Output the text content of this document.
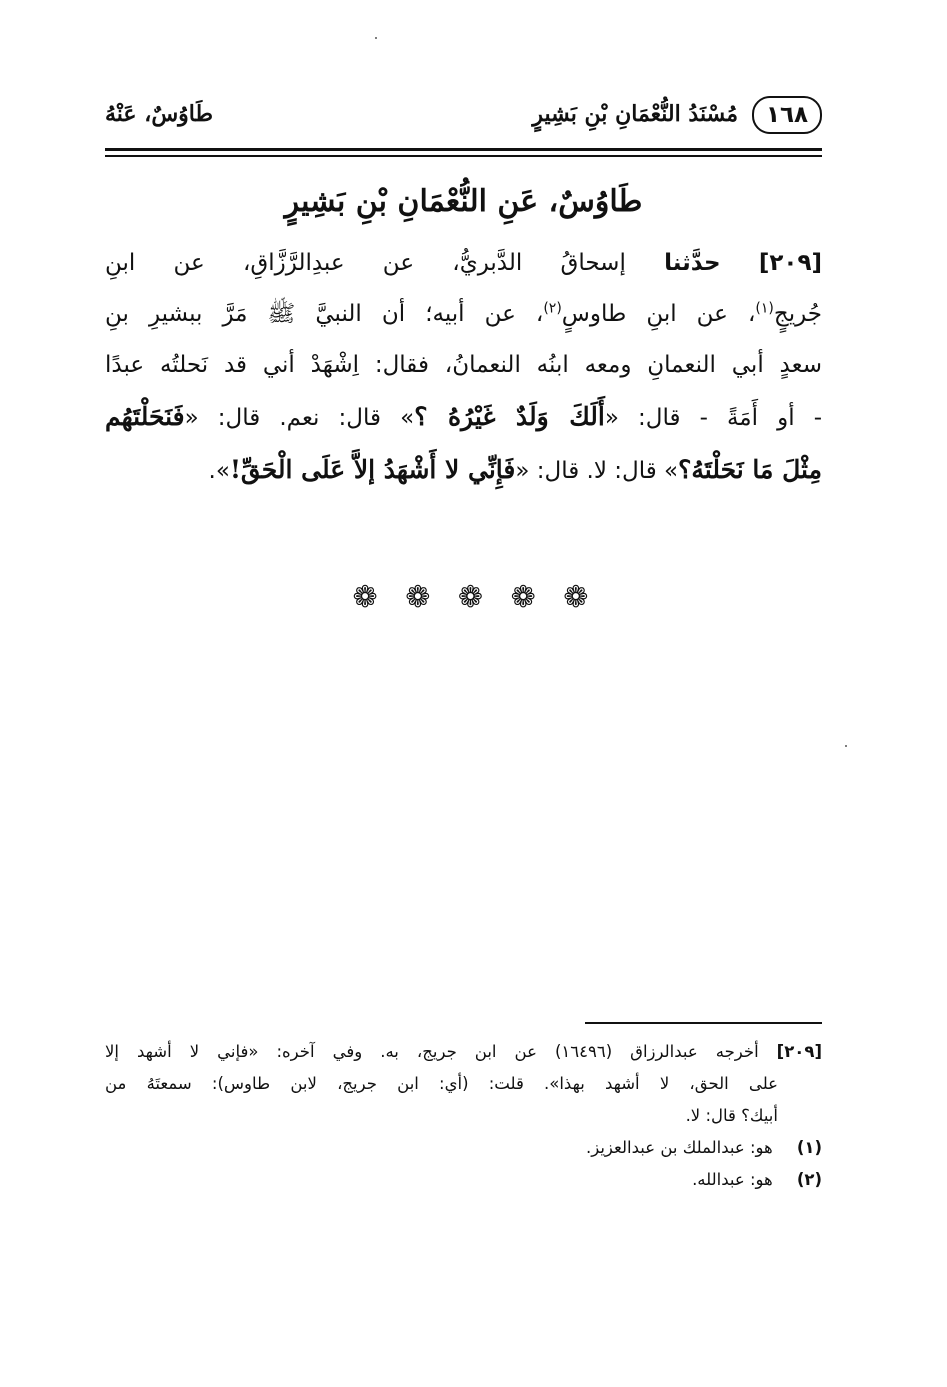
١٦٨
مُسْنَدُ النُّعْمَانِ بْنِ بَشِيرٍ
طَاوُسٌ، عَنْهُ
طَاوُسٌ، عَنِ النُّعْمَانِ بْنِ بَشِيرٍ
[٢٠٩] حدَّثنا إسحاقُ الدَّبريُّ، عن عبدِالرَّزَّاقِ، عن ابنِ
جُريجٍ$^{(١)}$، عن ابنِ طاوسٍ$^{(٢)}$، عن أبيه؛ أن النبيَّ ﷺ مَرَّ ببشيرِ بنِ
سعدٍ أبي النعمانِ ومعه ابنُه النعمانُ، فقال: اِشْهَدْ أني قد نَحلتُه عبدًا
- أو أَمَةً - قال: «أَلَكَ وَلَدٌ غَيْرُهُ ؟» قال: نعم. قال: «فَنَحَلْتَهُم
مِثْلَ مَا نَحَلْتَهُ؟» قال: لا. قال: «فَإِنِّي لا أَشْهَدُ إلاَّ عَلَى الْحَقِّ!».
❁ ❁ ❁ ❁ ❁
[٢٠٩] أخرجه عبدالرزاق (١٦٤٩٦) عن ابن جريج، به. وفي آخره: «فإني لا أشهد إلا
على الحق، لا أشهد بهذا». قلت: (أي: ابن جريج، لابن طاوس): سمعتَهُ من
أبيك؟ قال: لا.
(١) هو: عبدالملك بن عبدالعزيز.
(٢) هو: عبدالله.
